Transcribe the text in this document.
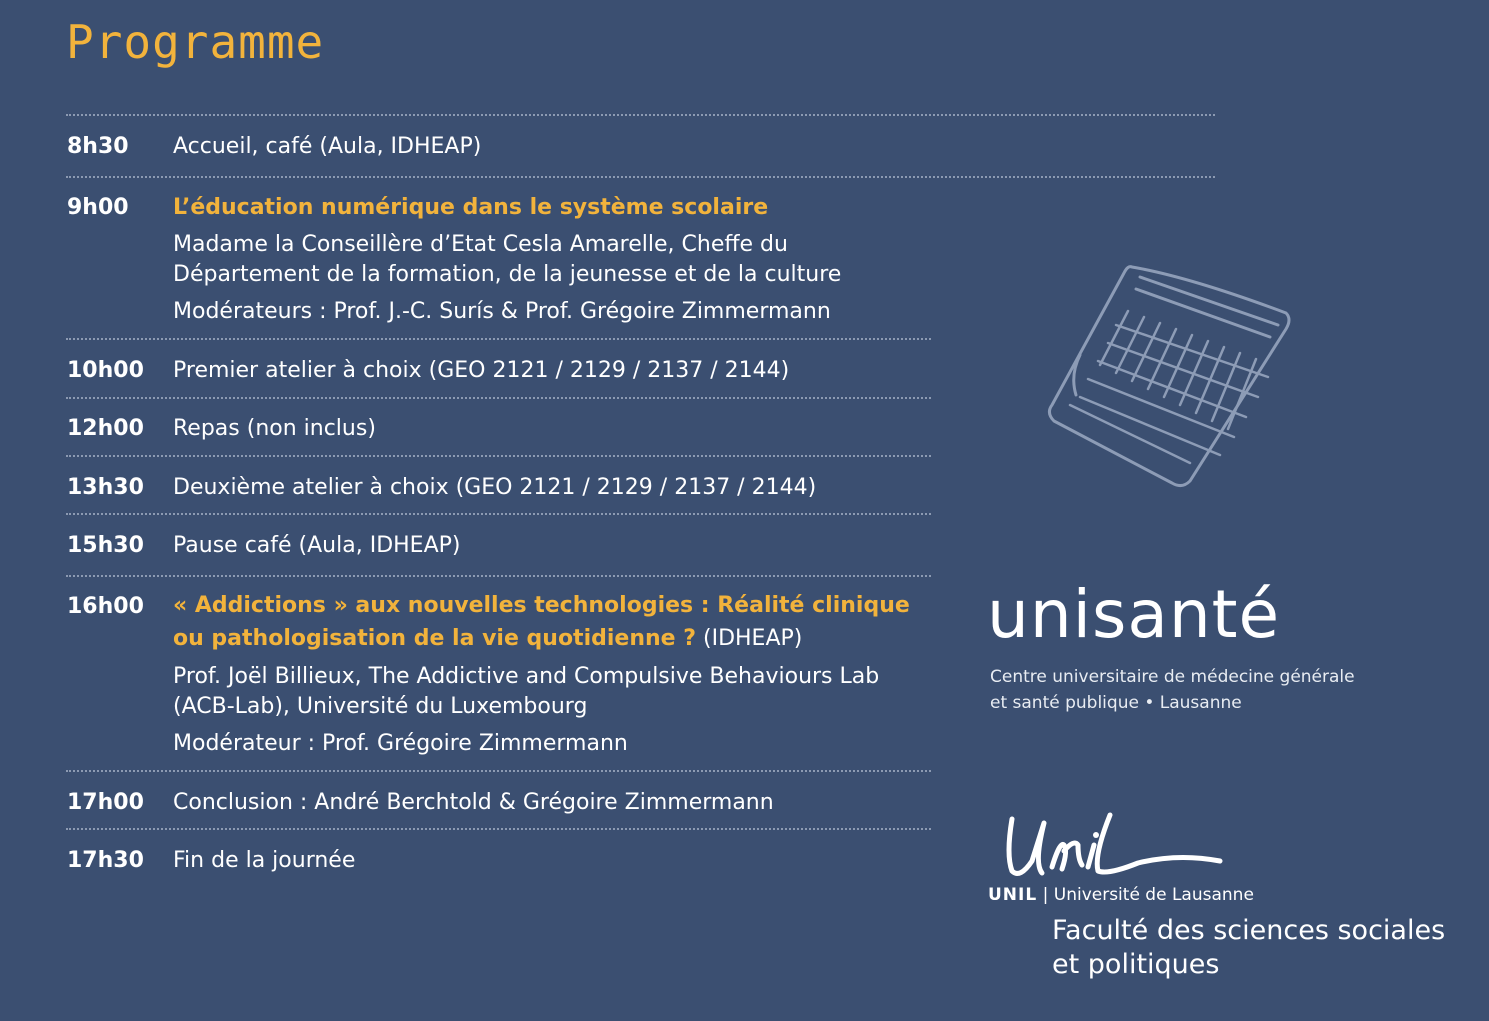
Programme
8h30 Accueil, café (Aula, IDHEAP)
9h00 L’éducation numérique dans le système scolaire
Madame la Conseillère d’Etat Cesla Amarelle, Cheffe du
Département de la formation, de la jeunesse et de la culture
Modérateurs : Prof. J.-C. Surís & Prof. Grégoire Zimmermann
10h00 Premier atelier à choix (GEO 2121 / 2129 / 2137 / 2144)
12h00 Repas (non inclus)
13h30 Deuxième atelier à choix (GEO 2121 / 2129 / 2137 / 2144)
15h30 Pause café (Aula, IDHEAP)
16h00 « Addictions » aux nouvelles technologies : Réalité clinique
ou pathologisation de la vie quotidienne ? (IDHEAP)
Prof. Joël Billieux, The Addictive and Compulsive Behaviours Lab
(ACB-Lab), Université du Luxembourg
Modérateur : Prof. Grégoire Zimmermann
17h00 Conclusion : André Berchtold & Grégoire Zimmermann
17h30 Fin de la journée
unisanté
Centre universitaire de médecine générale
et santé publique • Lausanne
UNIL | Université de Lausanne
Faculté des sciences sociales
et politiques
